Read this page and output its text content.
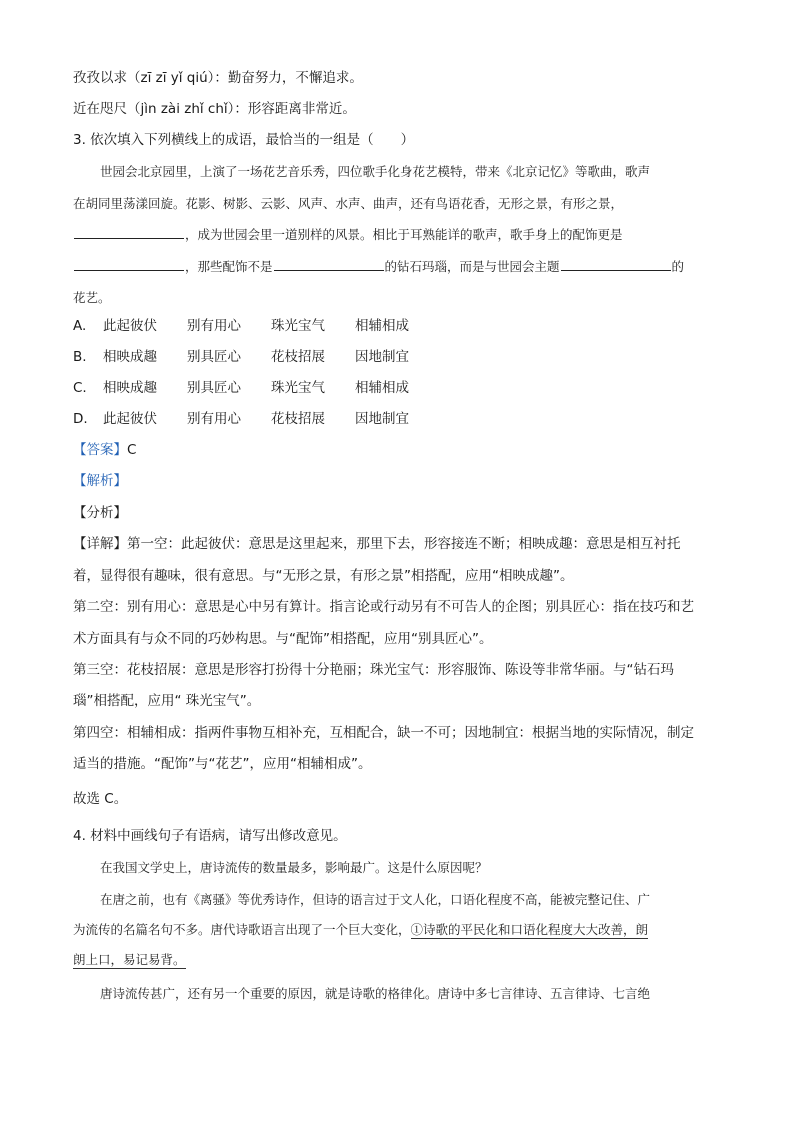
孜孜以求（zī zī yǐ qiú）：勤奋努力，不懈追求。
近在咫尺（jìn zài zhǐ chǐ）：形容距离非常近。
3. 依次填入下列横线上的成语，最恰当的一组是（　　）
世园会北京园里，上演了一场花艺音乐秀，四位歌手化身花艺模特，带来《北京记忆》等歌曲，歌声
在胡同里荡漾回旋。花影、树影、云影、风声、水声、曲声，还有鸟语花香，无形之景，有形之景，
，成为世园会里一道别样的风景。相比于耳熟能详的歌声，歌手身上的配饰更是
，那些配饰不是	的钻石玛瑙，而是与世园会主题	的
花艺。
A. 此起彼伏 别有用心 珠光宝气 相辅相成
B. 相映成趣 别具匠心 花枝招展 因地制宜
C. 相映成趣 别具匠心 珠光宝气 相辅相成
D. 此起彼伏 别有用心 花枝招展 因地制宜
【答案】C
【解析】
【分析】
【详解】第一空：此起彼伏：意思是这里起来，那里下去，形容接连不断；相映成趣：意思是相互衬托
着，显得很有趣味，很有意思。与“无形之景，有形之景”相搭配，应用“相映成趣”。
第二空：别有用心：意思是心中另有算计。指言论或行动另有不可告人的企图；别具匠心：指在技巧和艺
术方面具有与众不同的巧妙构思。与“配饰”相搭配，应用“别具匠心”。
第三空：花枝招展：意思是形容打扮得十分艳丽；珠光宝气：形容服饰、陈设等非常华丽。与“钻石玛
瑙”相搭配，应用“ 珠光宝气”。
第四空：相辅相成：指两件事物互相补充，互相配合，缺一不可；因地制宜：根据当地的实际情况，制定
适当的措施。“配饰”与“花艺”，应用“相辅相成”。
故选 C。
4. 材料中画线句子有语病，请写出修改意见。
在我国文学史上，唐诗流传的数量最多，影响最广。这是什么原因呢？
在唐之前，也有《离骚》等优秀诗作，但诗的语言过于文人化，口语化程度不高，能被完整记住、广
为流传的名篇名句不多。唐代诗歌语言出现了一个巨大变化，①诗歌的平民化和口语化程度大大改善，朗
朗上口，易记易背。
唐诗流传甚广，还有另一个重要的原因，就是诗歌的格律化。唐诗中多七言律诗、五言律诗、七言绝
